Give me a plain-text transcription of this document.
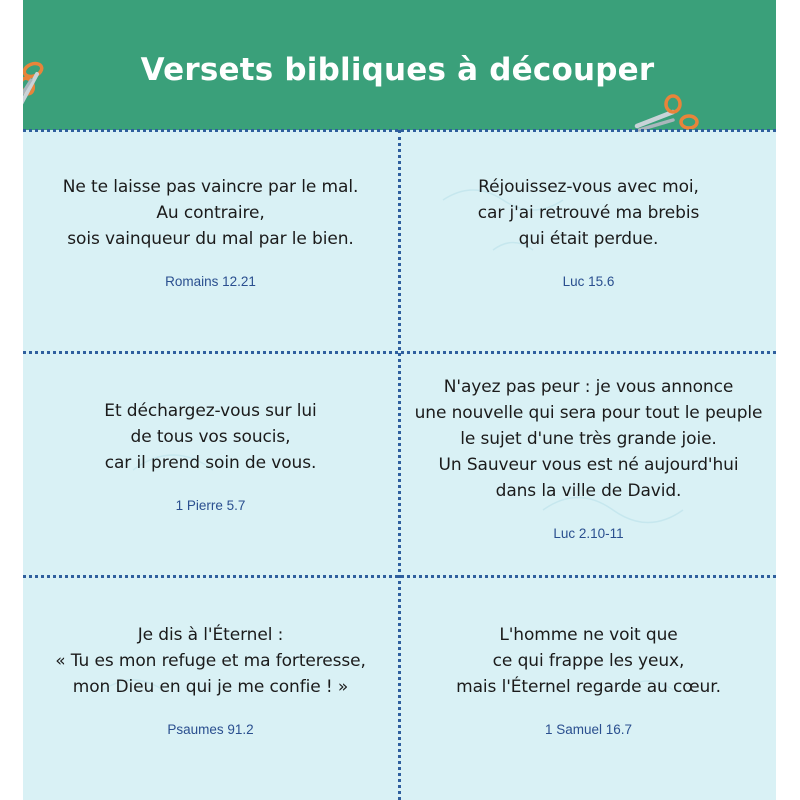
Versets bibliques à découper
Ne te laisse pas vaincre par le mal.
Au contraire,
sois vainqueur du mal par le bien.
Romains 12.21
Réjouissez-vous avec moi,
car j'ai retrouvé ma brebis
qui était perdue.
Luc 15.6
Et déchargez-vous sur lui
de tous vos soucis,
car il prend soin de vous.
1 Pierre 5.7
N'ayez pas peur : je vous annonce
une nouvelle qui sera pour tout le peuple
le sujet d'une très grande joie.
Un Sauveur vous est né aujourd'hui
dans la ville de David.
Luc 2.10-11
Je dis à l'Éternel :
« Tu es mon refuge et ma forteresse,
mon Dieu en qui je me confie ! »
Psaumes 91.2
L'homme ne voit que
ce qui frappe les yeux,
mais l'Éternel regarde au cœur.
1 Samuel 16.7
